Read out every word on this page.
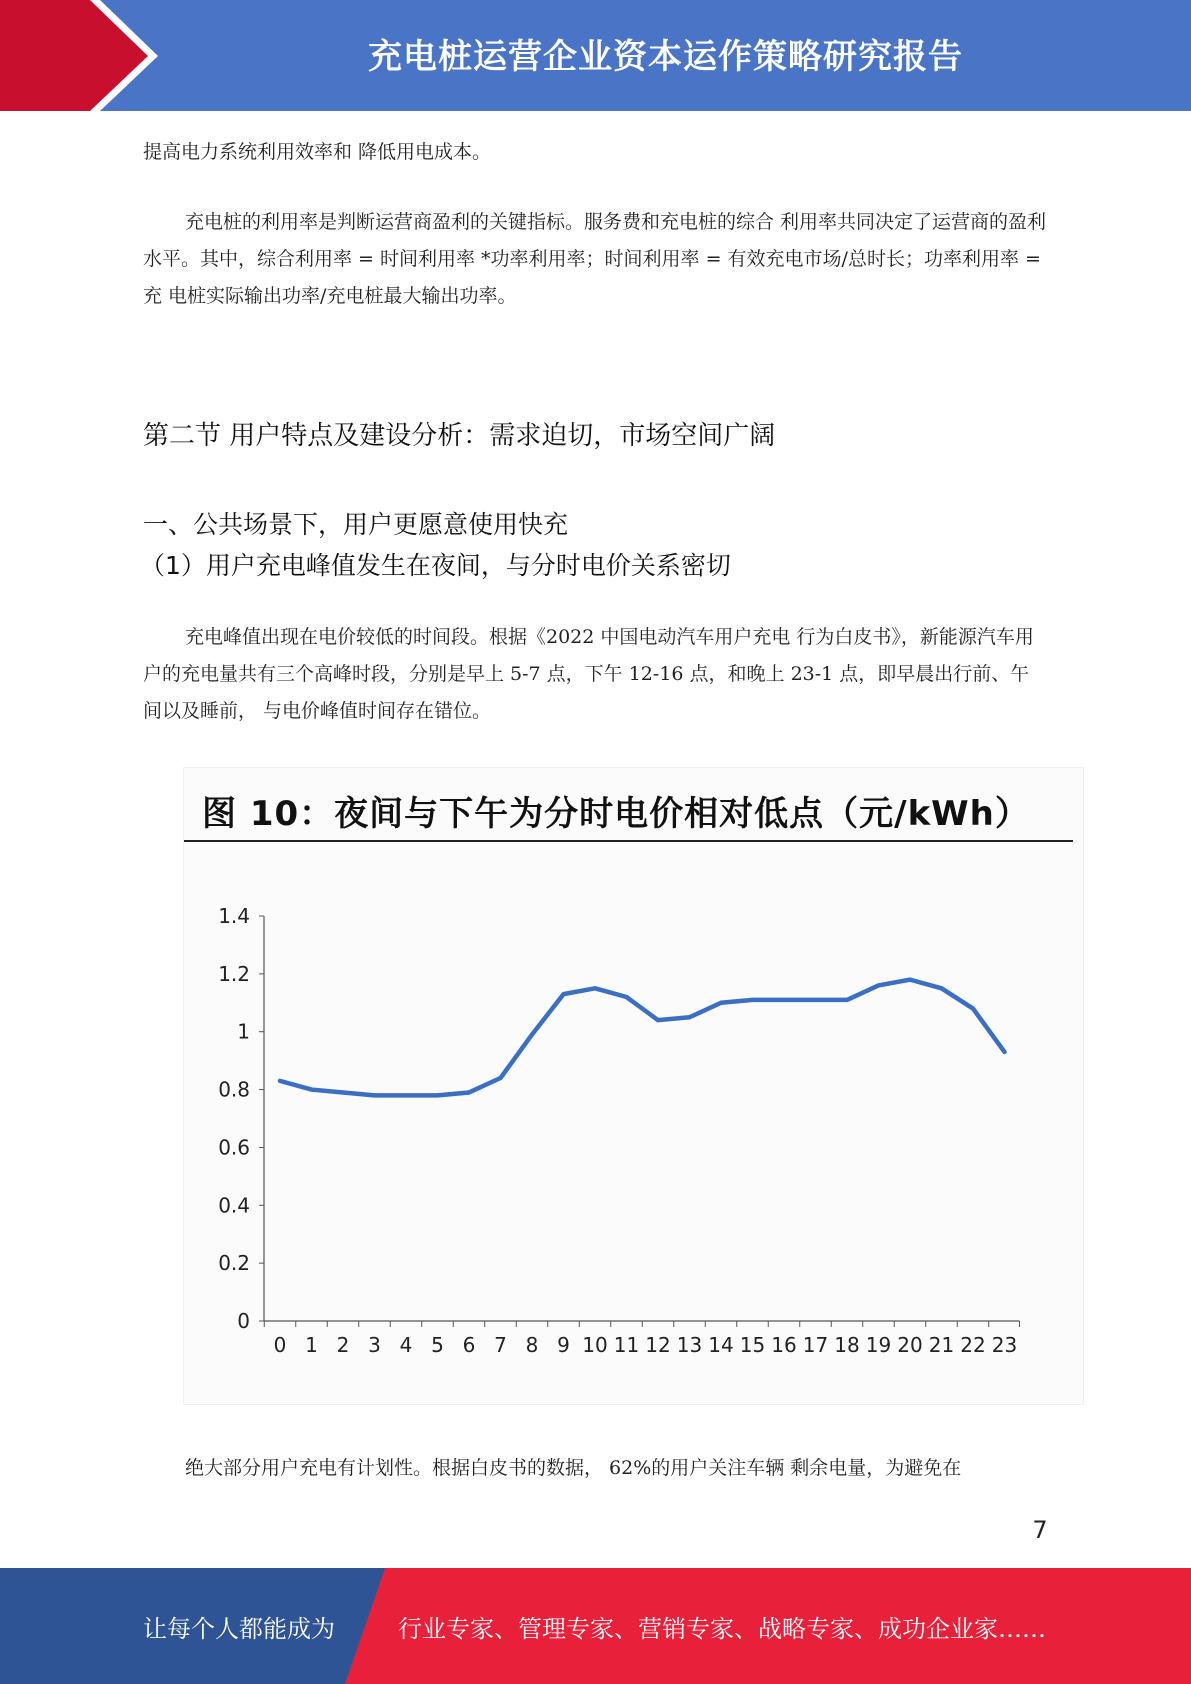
充电桩运营企业资本运作策略研究报告
提高电力系统利用效率和 降低用电成本。
充电桩的利用率是判断运营商盈利的关键指标。服务费和充电桩的综合 利用率共同决定了运营商的盈利水平。其中，综合利用率 = 时间利用率 *功率利用率；时间利用率 = 有效充电市场/总时长；功率利用率 = 充 电桩实际输出功率/充电桩最大输出功率。
第二节 用户特点及建设分析：需求迫切，市场空间广阔
一、公共场景下，用户更愿意使用快充
（1）用户充电峰值发生在夜间，与分时电价关系密切
充电峰值出现在电价较低的时间段。根据《2022 中国电动汽车用户充电 行为白皮书》，新能源汽车用户的充电量共有三个高峰时段，分别是早上 5-7 点，下午 12-16 点，和晚上 23-1 点，即早晨出行前、午间以及睡前， 与电价峰值时间存在错位。
图 10：夜间与下午为分时电价相对低点（元/kWh）
0
0.2
0.4
0.6
0.8
1
1.2
1.4
0 1 2 3 4 5 6 7 8 9 10 11 12 13 14 15 16 17 18 19 20 21 22 23
绝大部分用户充电有计划性。根据白皮书的数据， 62%的用户关注车辆 剩余电量，为避免在
7
让每个人都能成为	行业专家、管理专家、营销专家、战略专家、成功企业家……
